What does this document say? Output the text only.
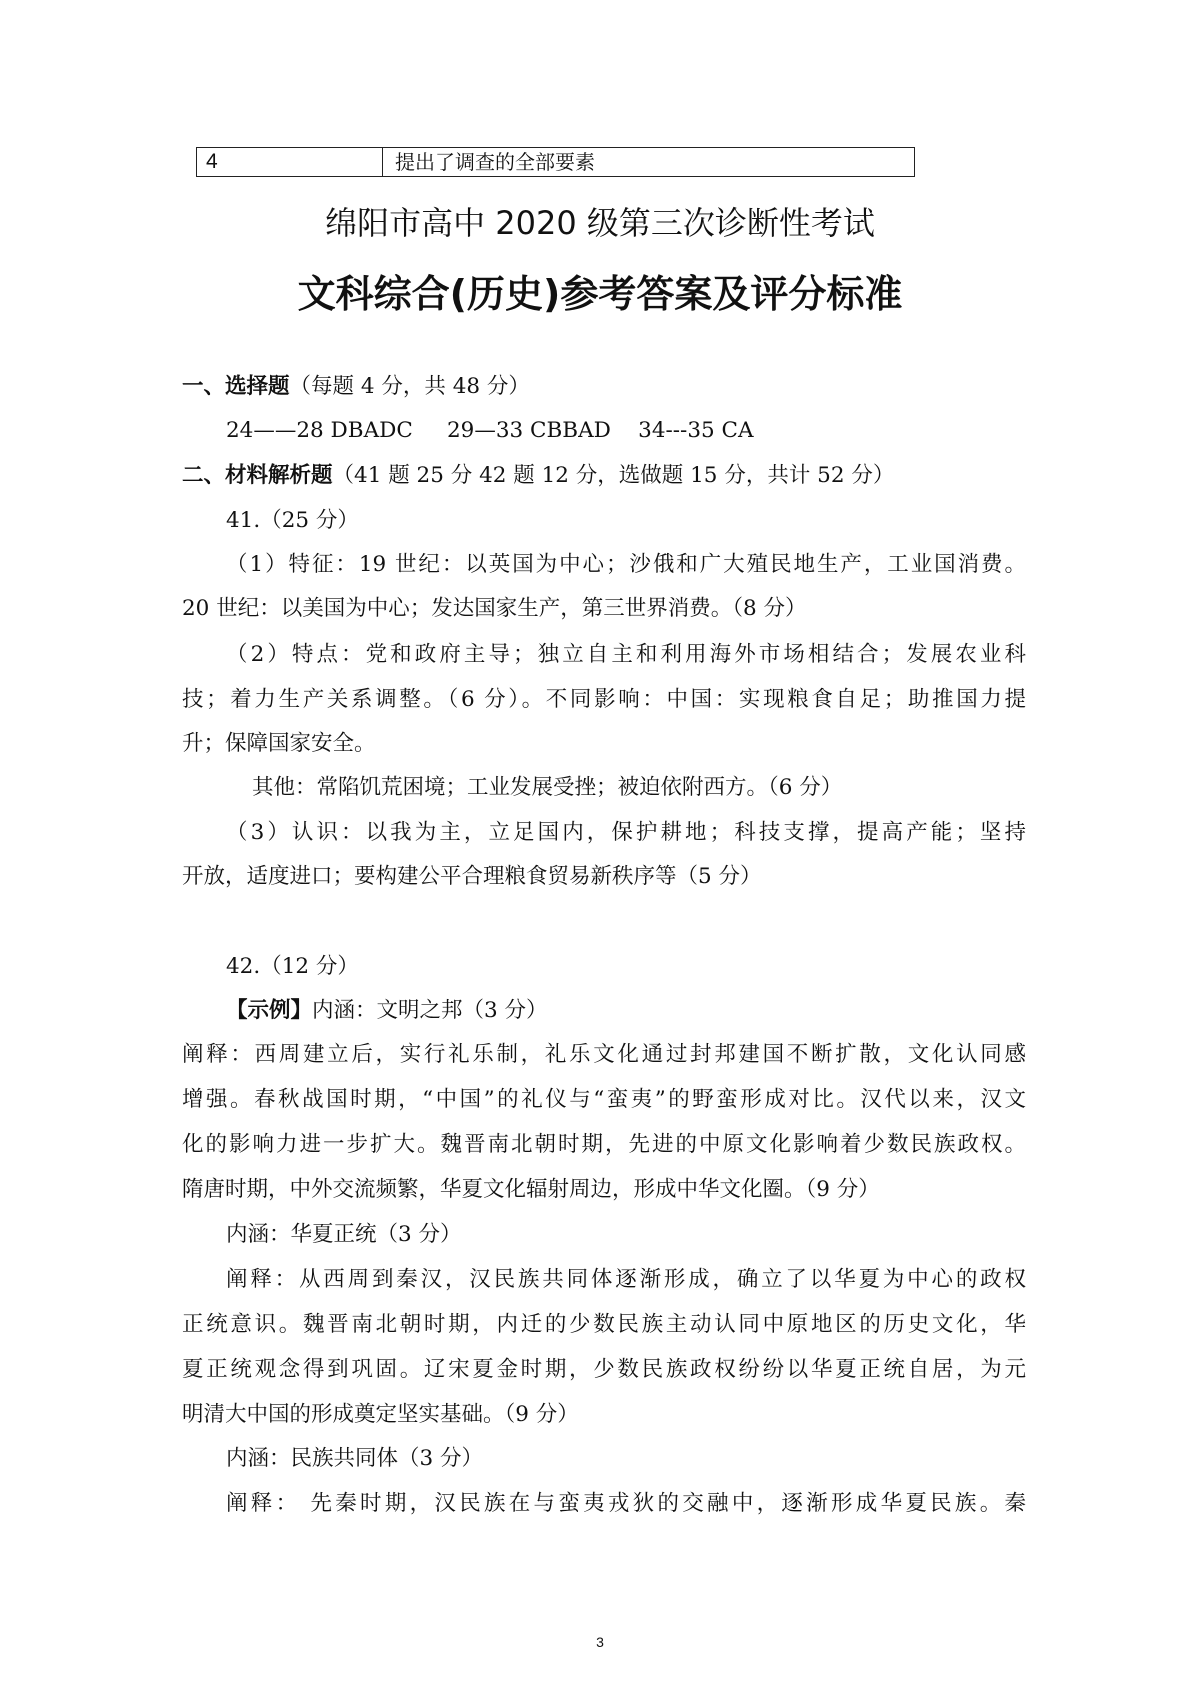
4	提出了调查的全部要素
绵阳市高中 2020 级第三次诊断性考试
文科综合(历史)参考答案及评分标准
一、选择题（每题 4 分，共 48 分）
24——28 DBADC     29—33 CBBAD    34---35 CA
二、材料解析题（41 题 25 分 42 题 12 分，选做题 15 分，共计 52 分）
41.（25 分）
（1）特征：19 世纪：以英国为中心；沙俄和广大殖民地生产，工业国消费。
20 世纪：以美国为中心；发达国家生产，第三世界消费。（8 分）
（2）特点：党和政府主导；独立自主和利用海外市场相结合；发展农业科
技；着力生产关系调整。（6 分）。不同影响：中国：实现粮食自足；助推国力提
升；保障国家安全。
其他：常陷饥荒困境；工业发展受挫；被迫依附西方。（6 分）
（3）认识：以我为主，立足国内，保护耕地；科技支撑，提高产能；坚持
开放，适度进口；要构建公平合理粮食贸易新秩序等（5 分）
42.（12 分）
【示例】内涵：文明之邦（3 分）
阐释：西周建立后，实行礼乐制，礼乐文化通过封邦建国不断扩散，文化认同感
增强。春秋战国时期，“中国”的礼仪与“蛮夷”的野蛮形成对比。汉代以来，汉文
化的影响力进一步扩大。魏晋南北朝时期，先进的中原文化影响着少数民族政权。
隋唐时期，中外交流频繁，华夏文化辐射周边，形成中华文化圈。（9 分）
内涵：华夏正统（3 分）
阐释：从西周到秦汉，汉民族共同体逐渐形成，确立了以华夏为中心的政权
正统意识。魏晋南北朝时期，内迁的少数民族主动认同中原地区的历史文化，华
夏正统观念得到巩固。辽宋夏金时期，少数民族政权纷纷以华夏正统自居，为元
明清大中国的形成奠定坚实基础。（9 分）
内涵：民族共同体（3 分）
阐释： 先秦时期，汉民族在与蛮夷戎狄的交融中，逐渐形成华夏民族。秦
3
